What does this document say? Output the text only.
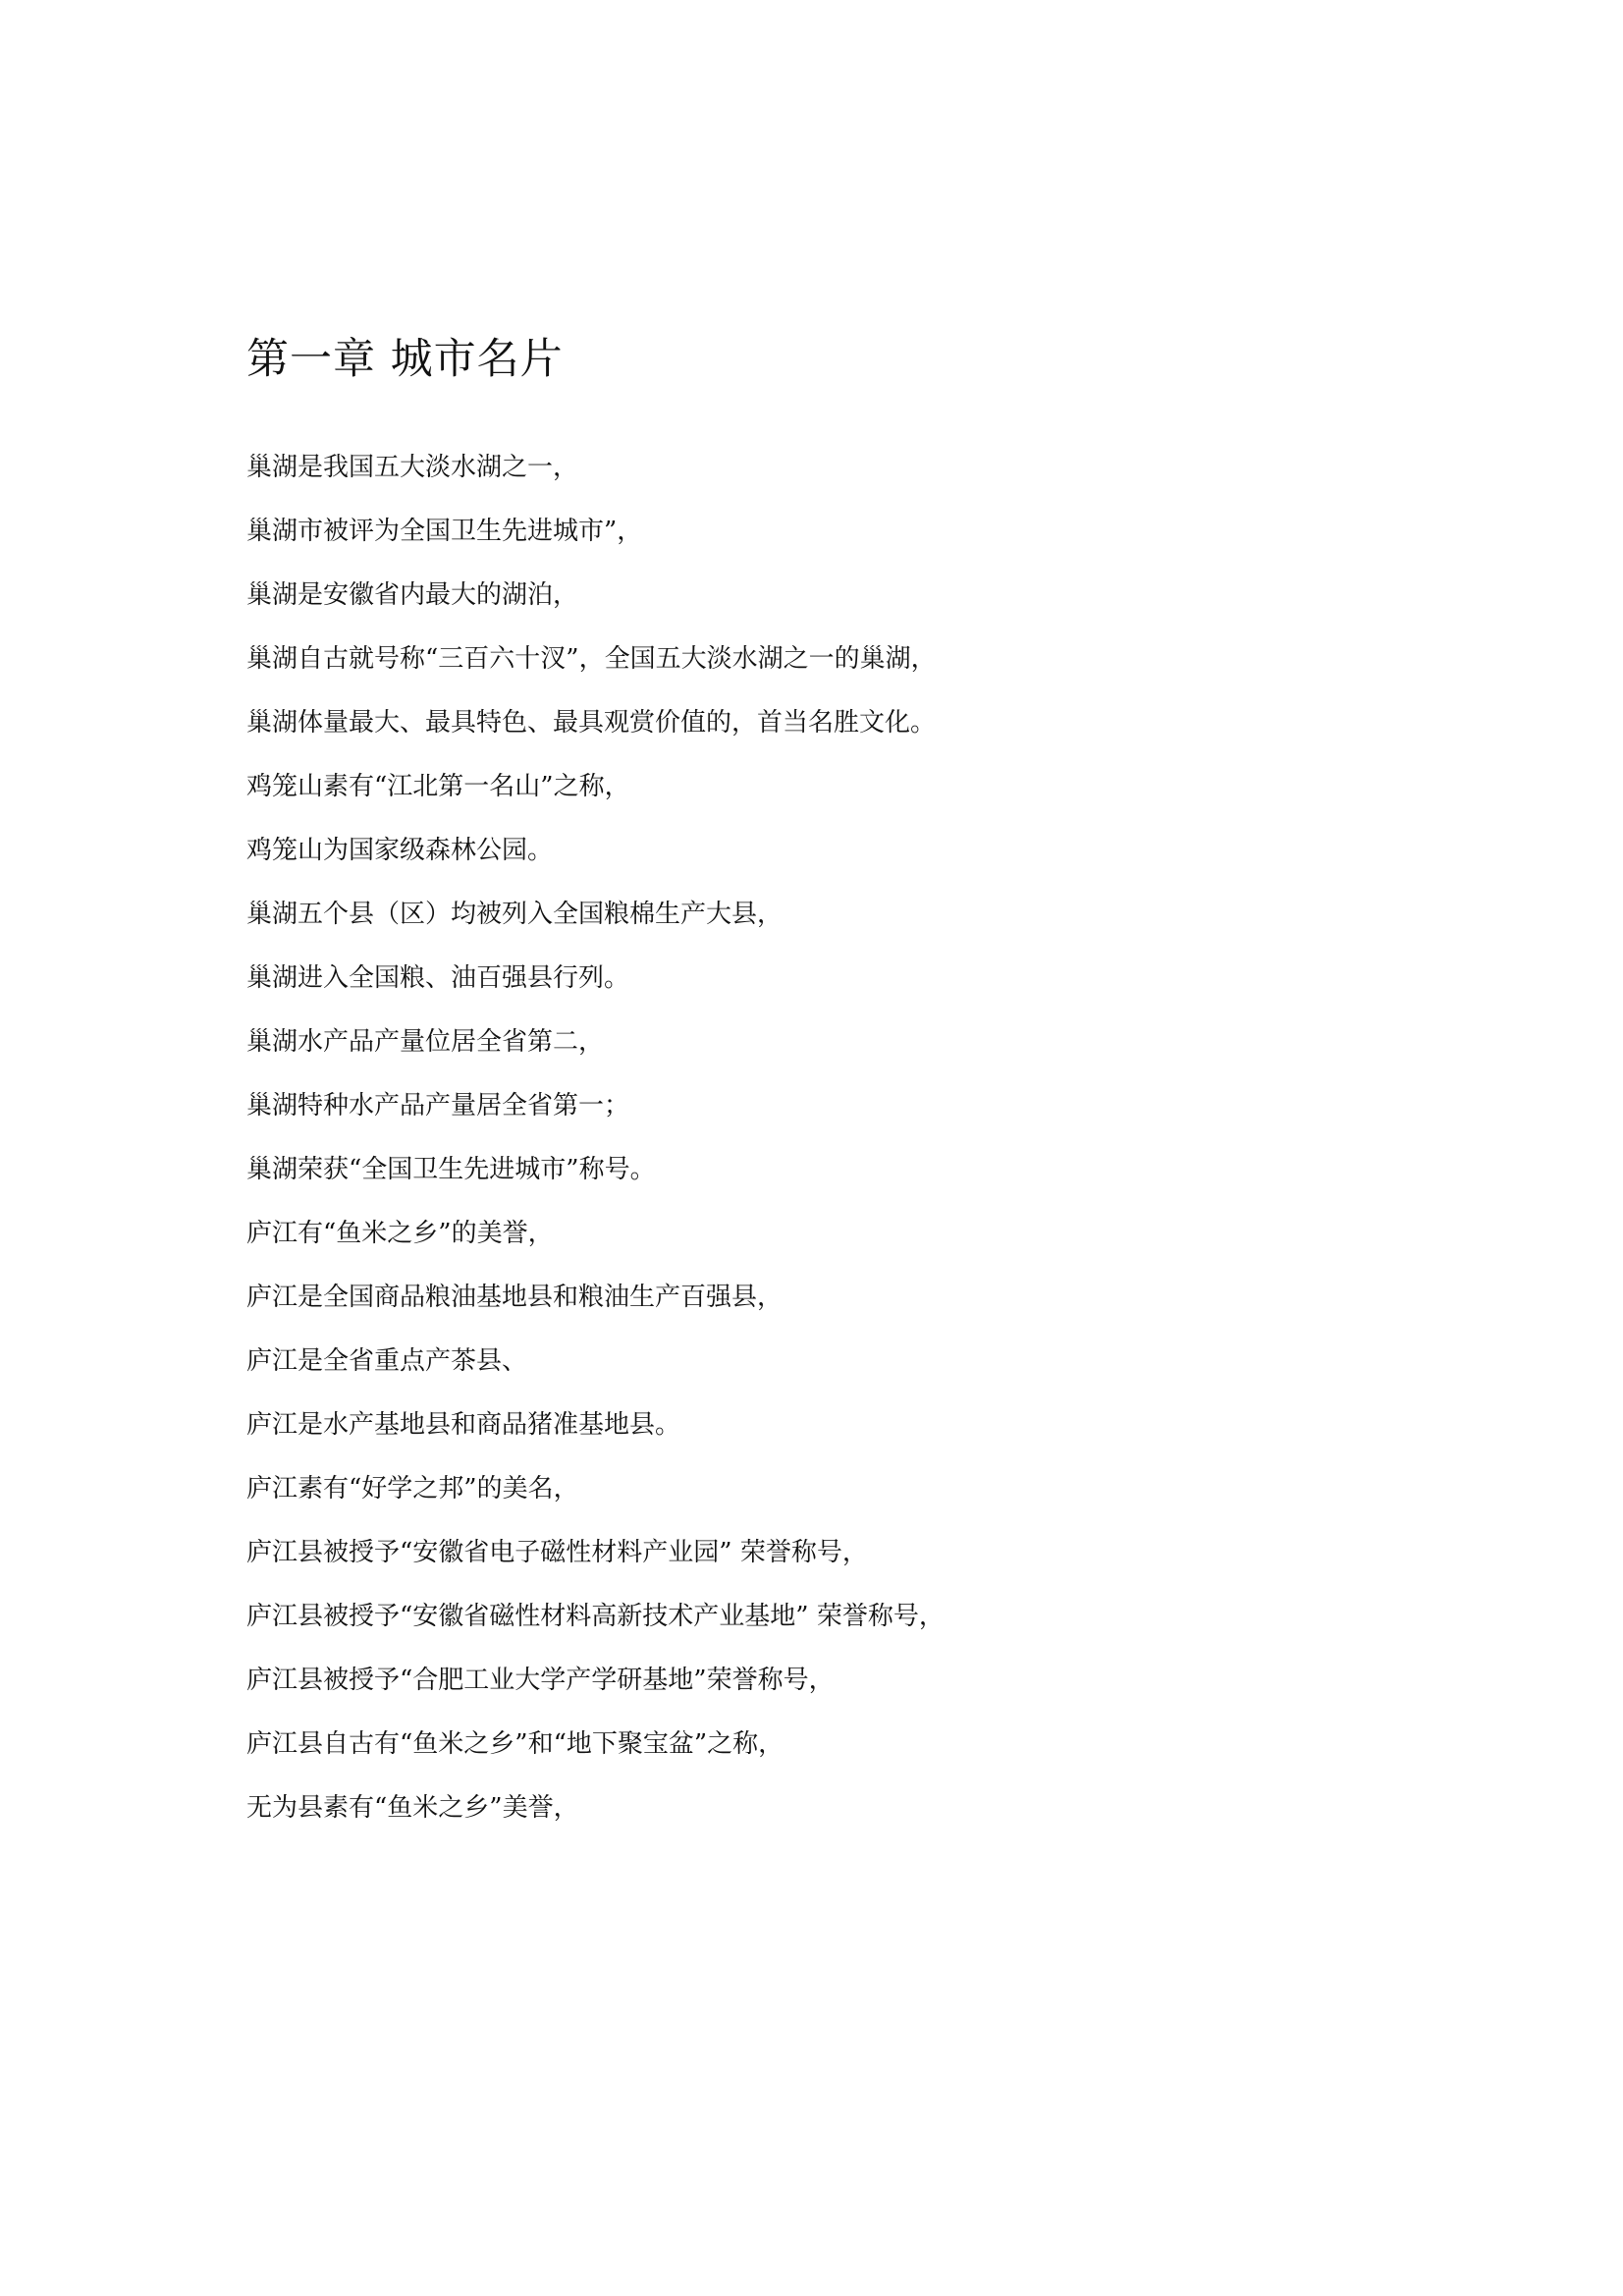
第一章 城市名片
巢湖是我国五大淡水湖之一，
巢湖市被评为全国卫生先进城市”，
巢湖是安徽省内最大的湖泊，
巢湖自古就号称“三百六十汊”，全国五大淡水湖之一的巢湖，
巢湖体量最大、最具特色、最具观赏价值的，首当名胜文化。
鸡笼山素有“江北第一名山”之称，
鸡笼山为国家级森林公园。
巢湖五个县（区）均被列入全国粮棉生产大县，
巢湖进入全国粮、油百强县行列。
巢湖水产品产量位居全省第二，
巢湖特种水产品产量居全省第一；
巢湖荣获“全国卫生先进城市”称号。
庐江有“鱼米之乡”的美誉，
庐江是全国商品粮油基地县和粮油生产百强县，
庐江是全省重点产茶县、
庐江是水产基地县和商品猪准基地县。
庐江素有“好学之邦”的美名，
庐江县被授予“安徽省电子磁性材料产业园” 荣誉称号，
庐江县被授予“安徽省磁性材料高新技术产业基地” 荣誉称号，
庐江县被授予“合肥工业大学产学研基地”荣誉称号，
庐江县自古有“鱼米之乡”和“地下聚宝盆”之称，
无为县素有“鱼米之乡”美誉，
